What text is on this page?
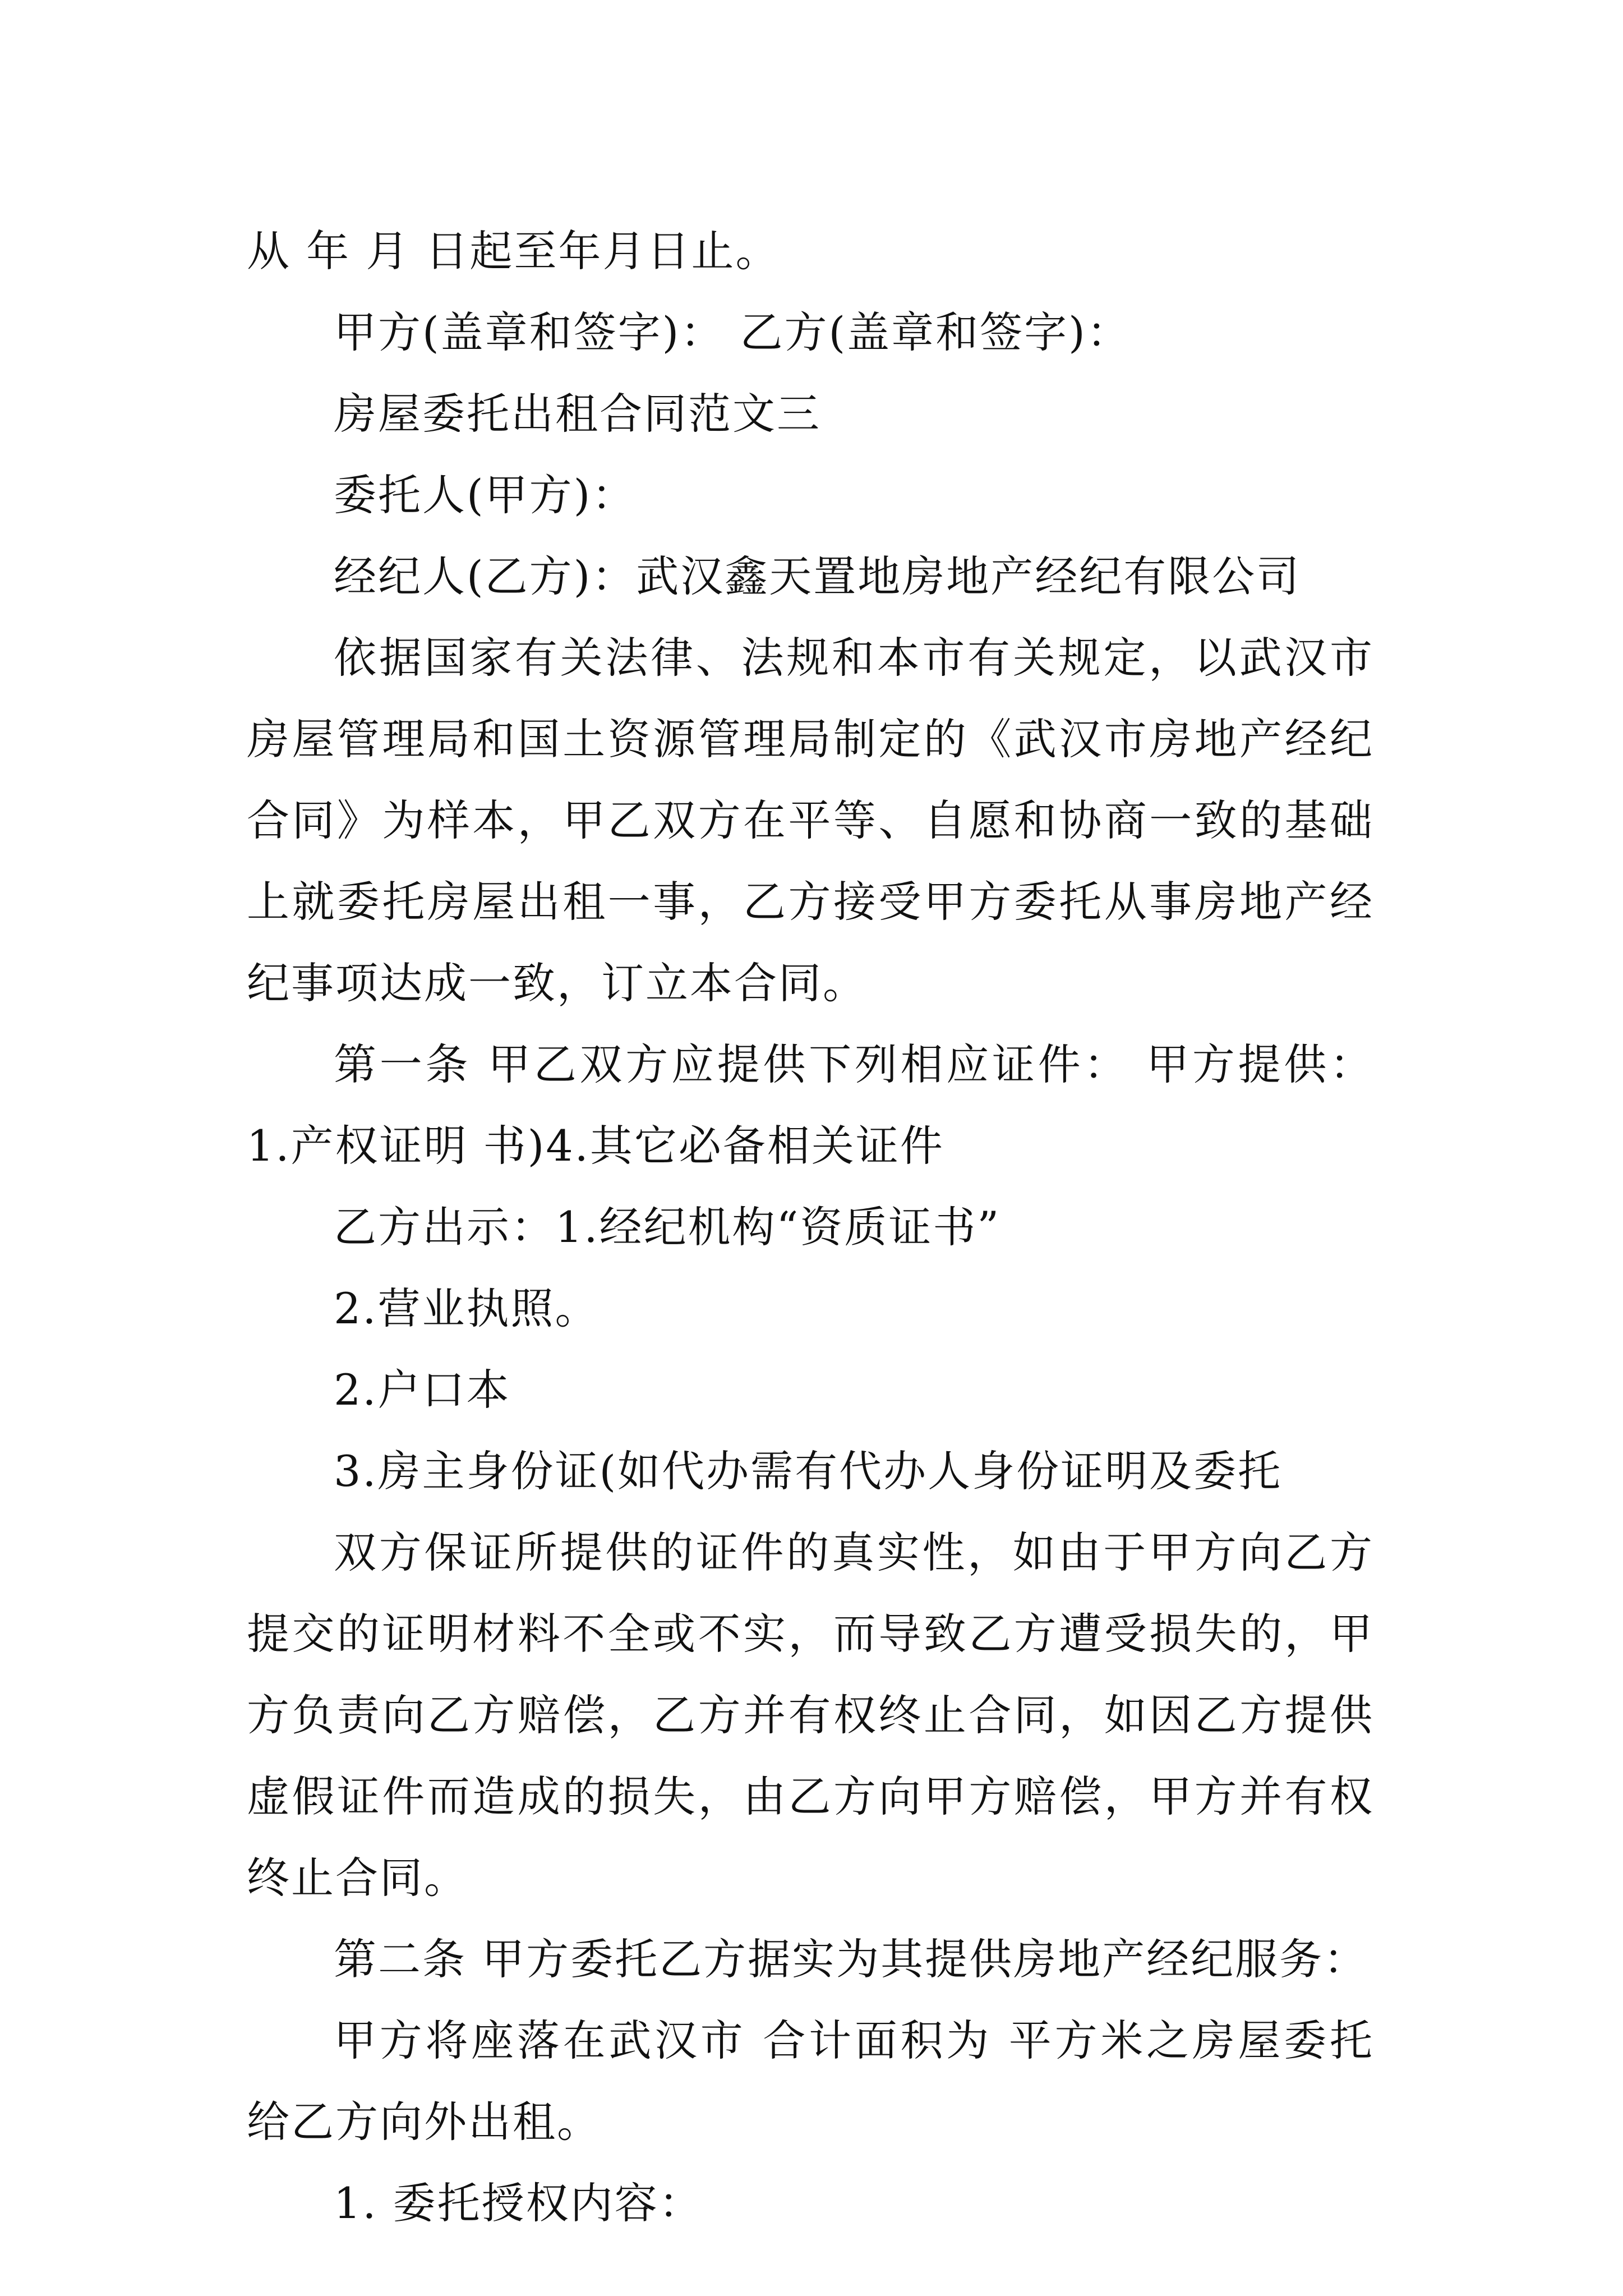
从 年 月 日起至年月日止。

甲方(盖章和签字)： 乙方(盖章和签字)：

房屋委托出租合同范文三

委托人(甲方)：

经纪人(乙方)：武汉鑫天置地房地产经纪有限公司

依据国家有关法律、法规和本市有关规定，以武汉市房屋管理局和国土资源管理局制定的《武汉市房地产经纪合同》为样本，甲乙双方在平等、自愿和协商一致的基础上就委托房屋出租一事，乙方接受甲方委托从事房地产经纪事项达成一致，订立本合同。

第一条 甲乙双方应提供下列相应证件： 甲方提供：1.产权证明 书)4.其它必备相关证件

乙方出示：1.经纪机构“资质证书”

2.营业执照。

2.户口本

3.房主身份证(如代办需有代办人身份证明及委托

双方保证所提供的证件的真实性，如由于甲方向乙方提交的证明材料不全或不实，而导致乙方遭受损失的，甲方负责向乙方赔偿，乙方并有权终止合同，如因乙方提供虚假证件而造成的损失，由乙方向甲方赔偿，甲方并有权终止合同。

第二条 甲方委托乙方据实为其提供房地产经纪服务：

甲方将座落在武汉市 合计面积为 平方米之房屋委托给乙方向外出租。

1. 委托授权内容：
